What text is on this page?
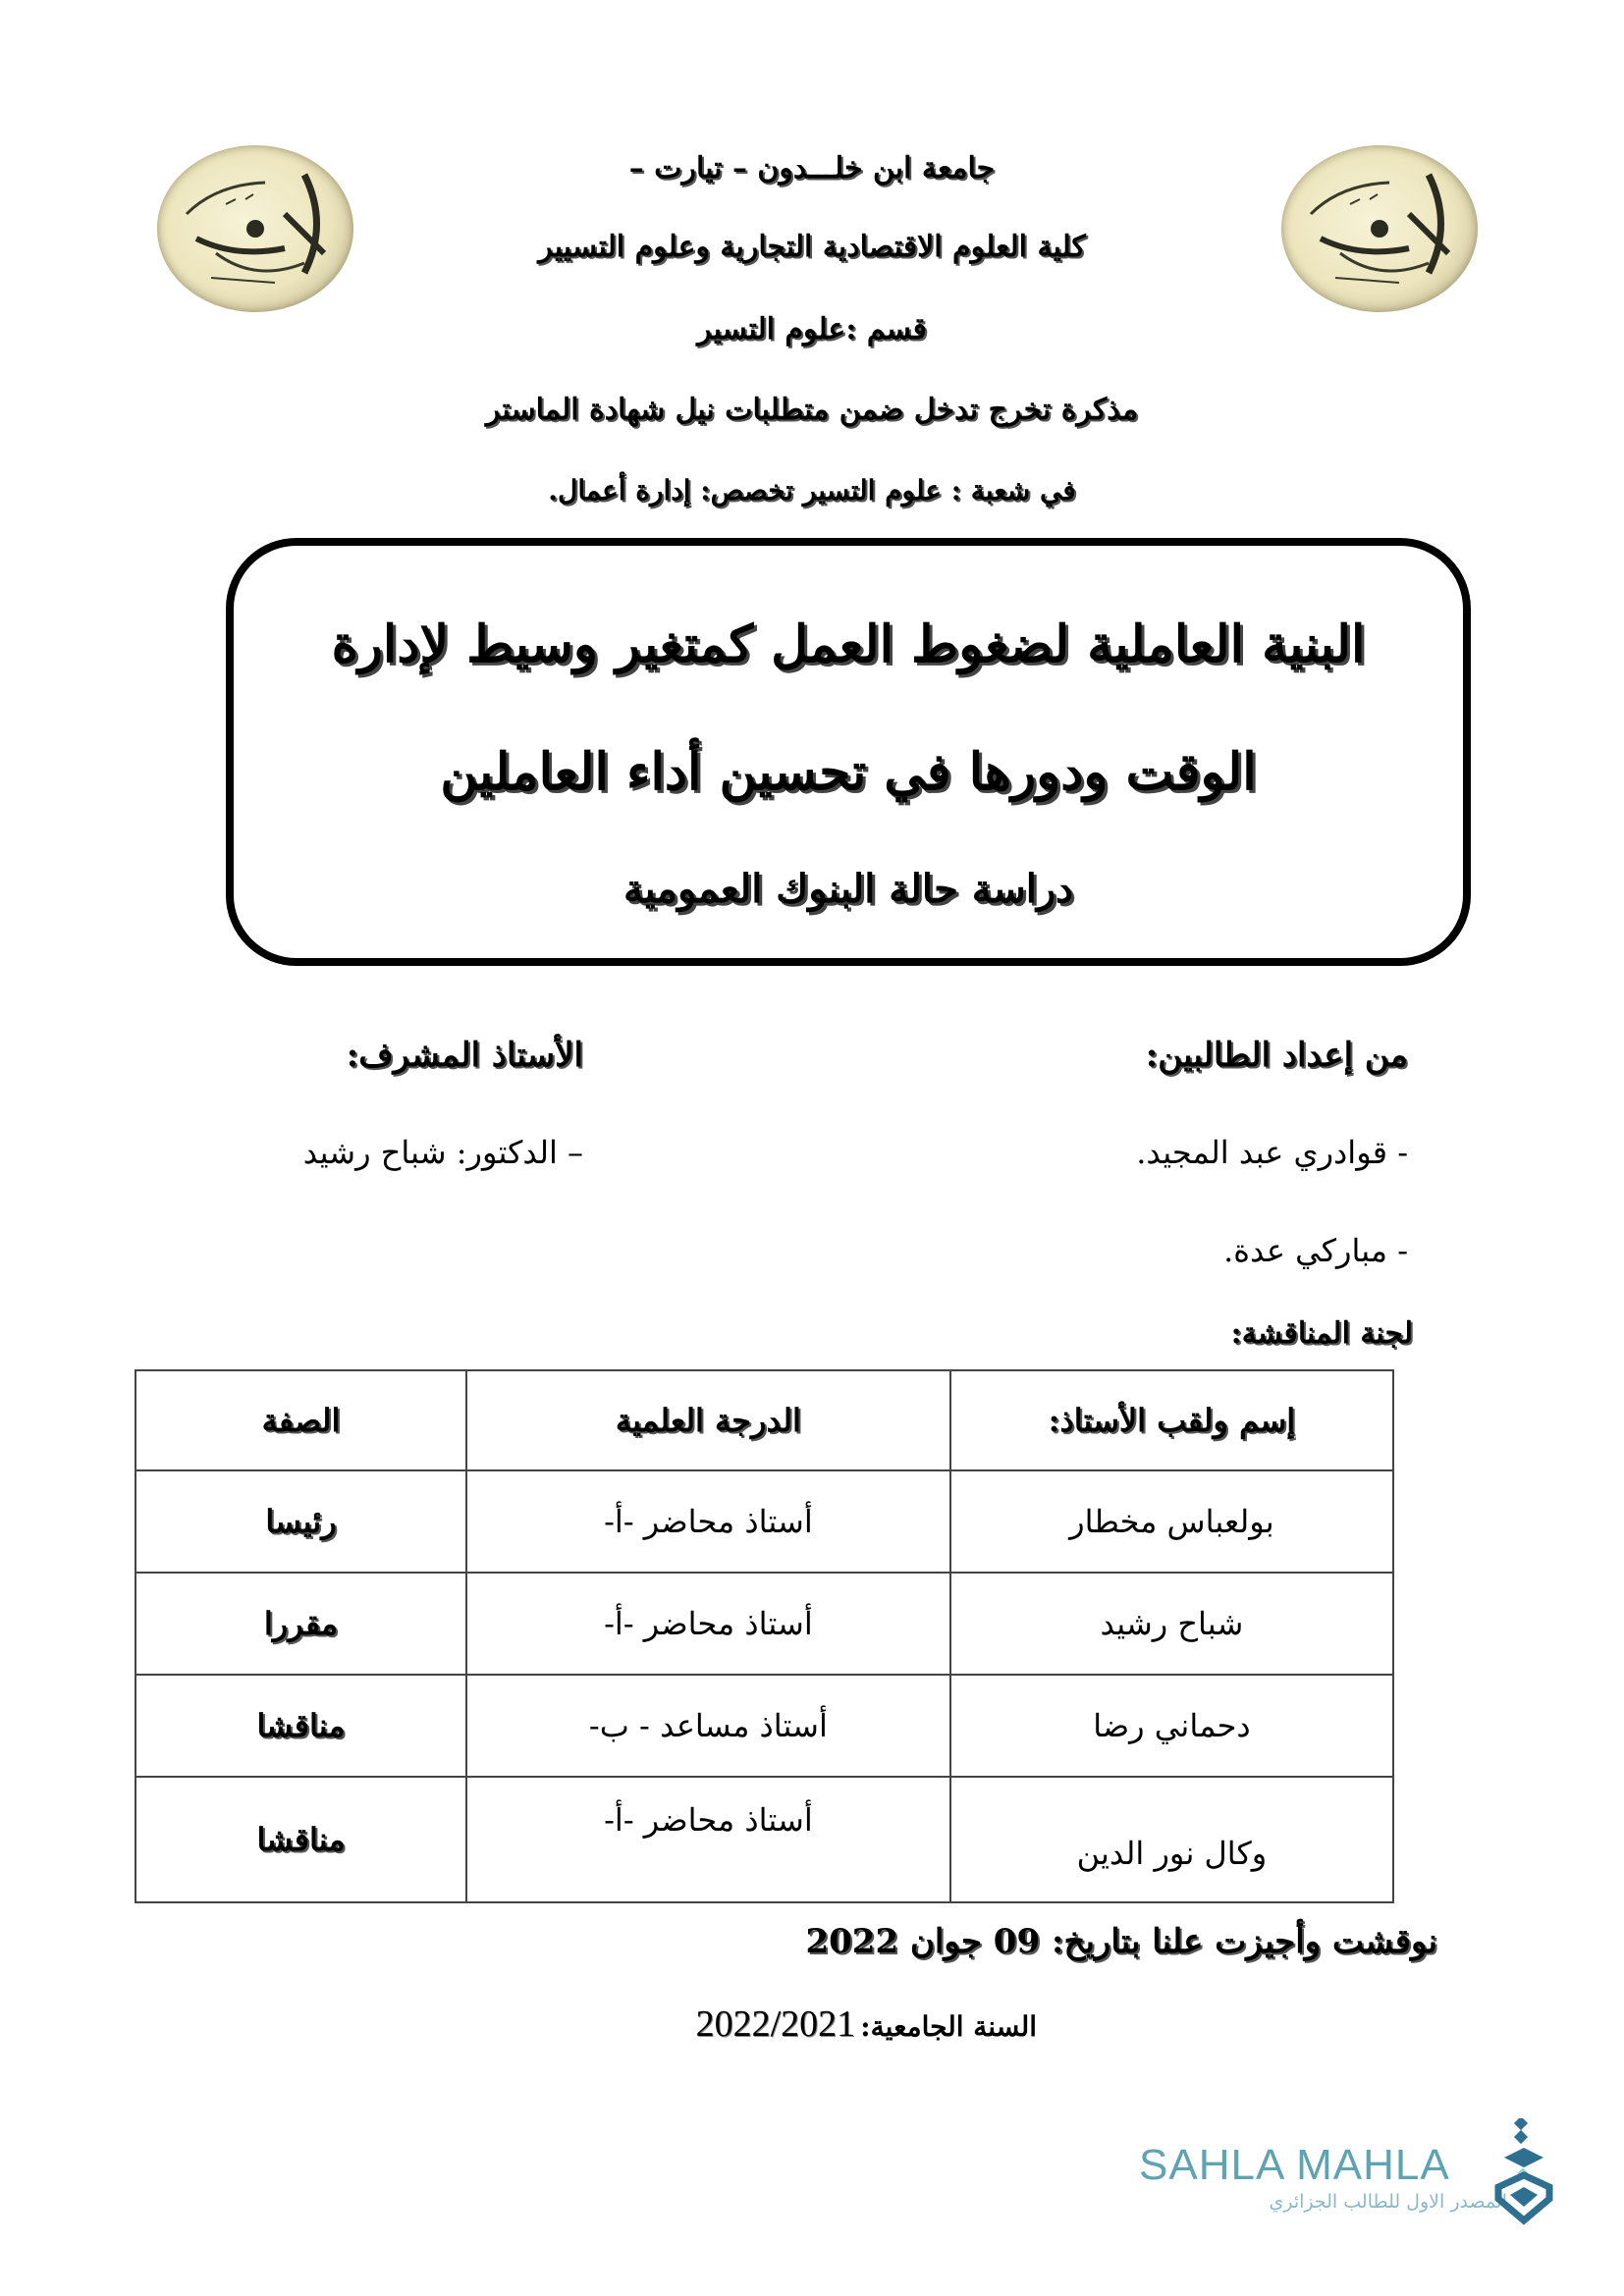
جامعة ابن خلـــدون – تيارت –
كلية العلوم الاقتصادية التجارية وعلوم التسيير
قسم :علوم التسير
مذكرة تخرج تدخل ضمن متطلبات نيل شهادة الماستر
في شعبة : علوم التسير تخصص: إدارة أعمال.
البنية العاملية لضغوط العمل كمتغير وسيط لإدارة
الوقت ودورها في تحسين أداء العاملين
دراسة حالة البنوك العمومية
من إعداد الطالبين:
- قوادري عبد المجيد.
- مباركي عدة.
الأستاذ المشرف:
– الدكتور: شباح رشيد
لجنة المناقشة:
إسم ولقب الأستاذ:	الدرجة العلمية	الصفة
بولعباس مخطار	أستاذ محاضر -أ-	رئيسا
شباح رشيد	أستاذ محاضر -أ-	مقررا
دحماني رضا	أستاذ مساعد - ب-	مناقشا
وكال نور الدين	أستاذ محاضر -أ-	مناقشا
نوقشت وأجيزت علنا بتاريخ: 09 جوان 2022
السنة الجامعية: 2022/2021
SAHLA MAHLA
المصدر الاول للطالب الجزائري
